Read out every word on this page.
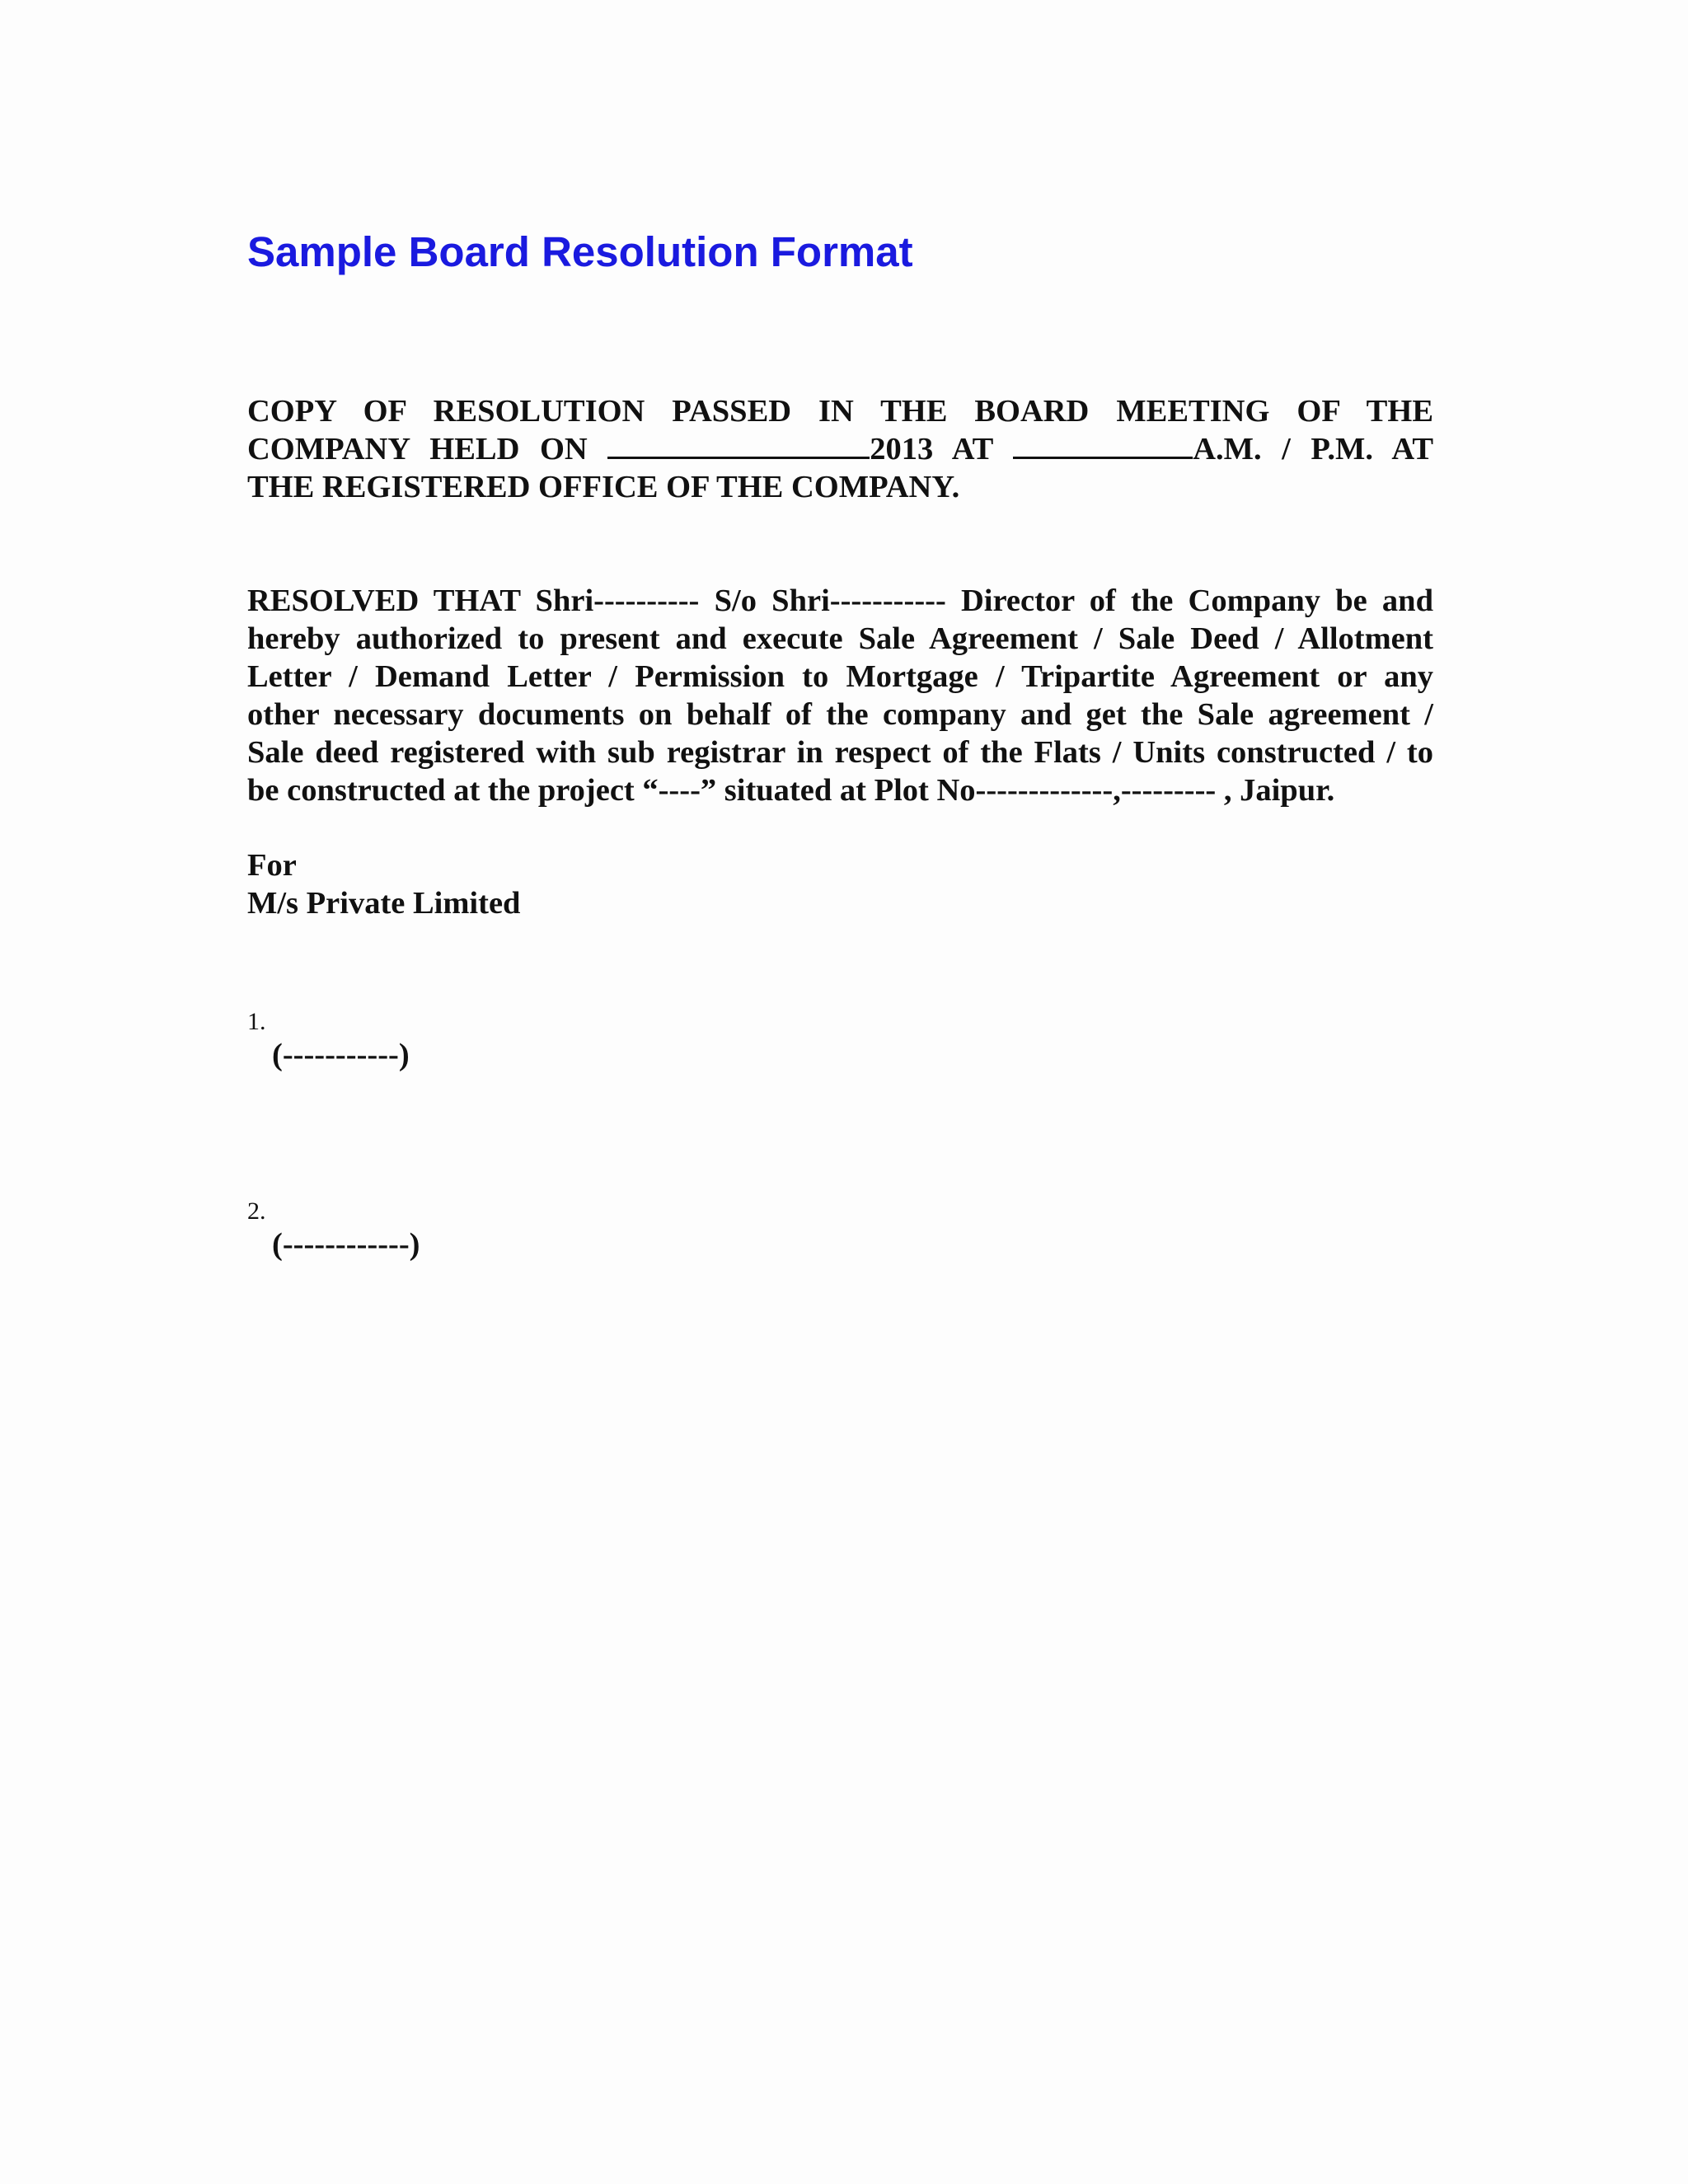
Sample Board Resolution Format

COPY OF RESOLUTION PASSED IN THE BOARD MEETING OF THE
COMPANY HELD ON	2013 AT	A.M. / P.M. AT
THE REGISTERED OFFICE OF THE COMPANY.

RESOLVED THAT Shri---------- S/o Shri----------- Director of the Company be and
hereby authorized to present and execute Sale Agreement / Sale Deed / Allotment
Letter / Demand Letter / Permission to Mortgage / Tripartite Agreement or any
other necessary documents on behalf of the company and get the Sale agreement /
Sale deed registered with sub registrar in respect of the Flats / Units constructed / to
be constructed at the project “----” situated at Plot No-------------,--------- , Jaipur.

For
M/s Private Limited

1.

(-----------)

2.

(------------)
